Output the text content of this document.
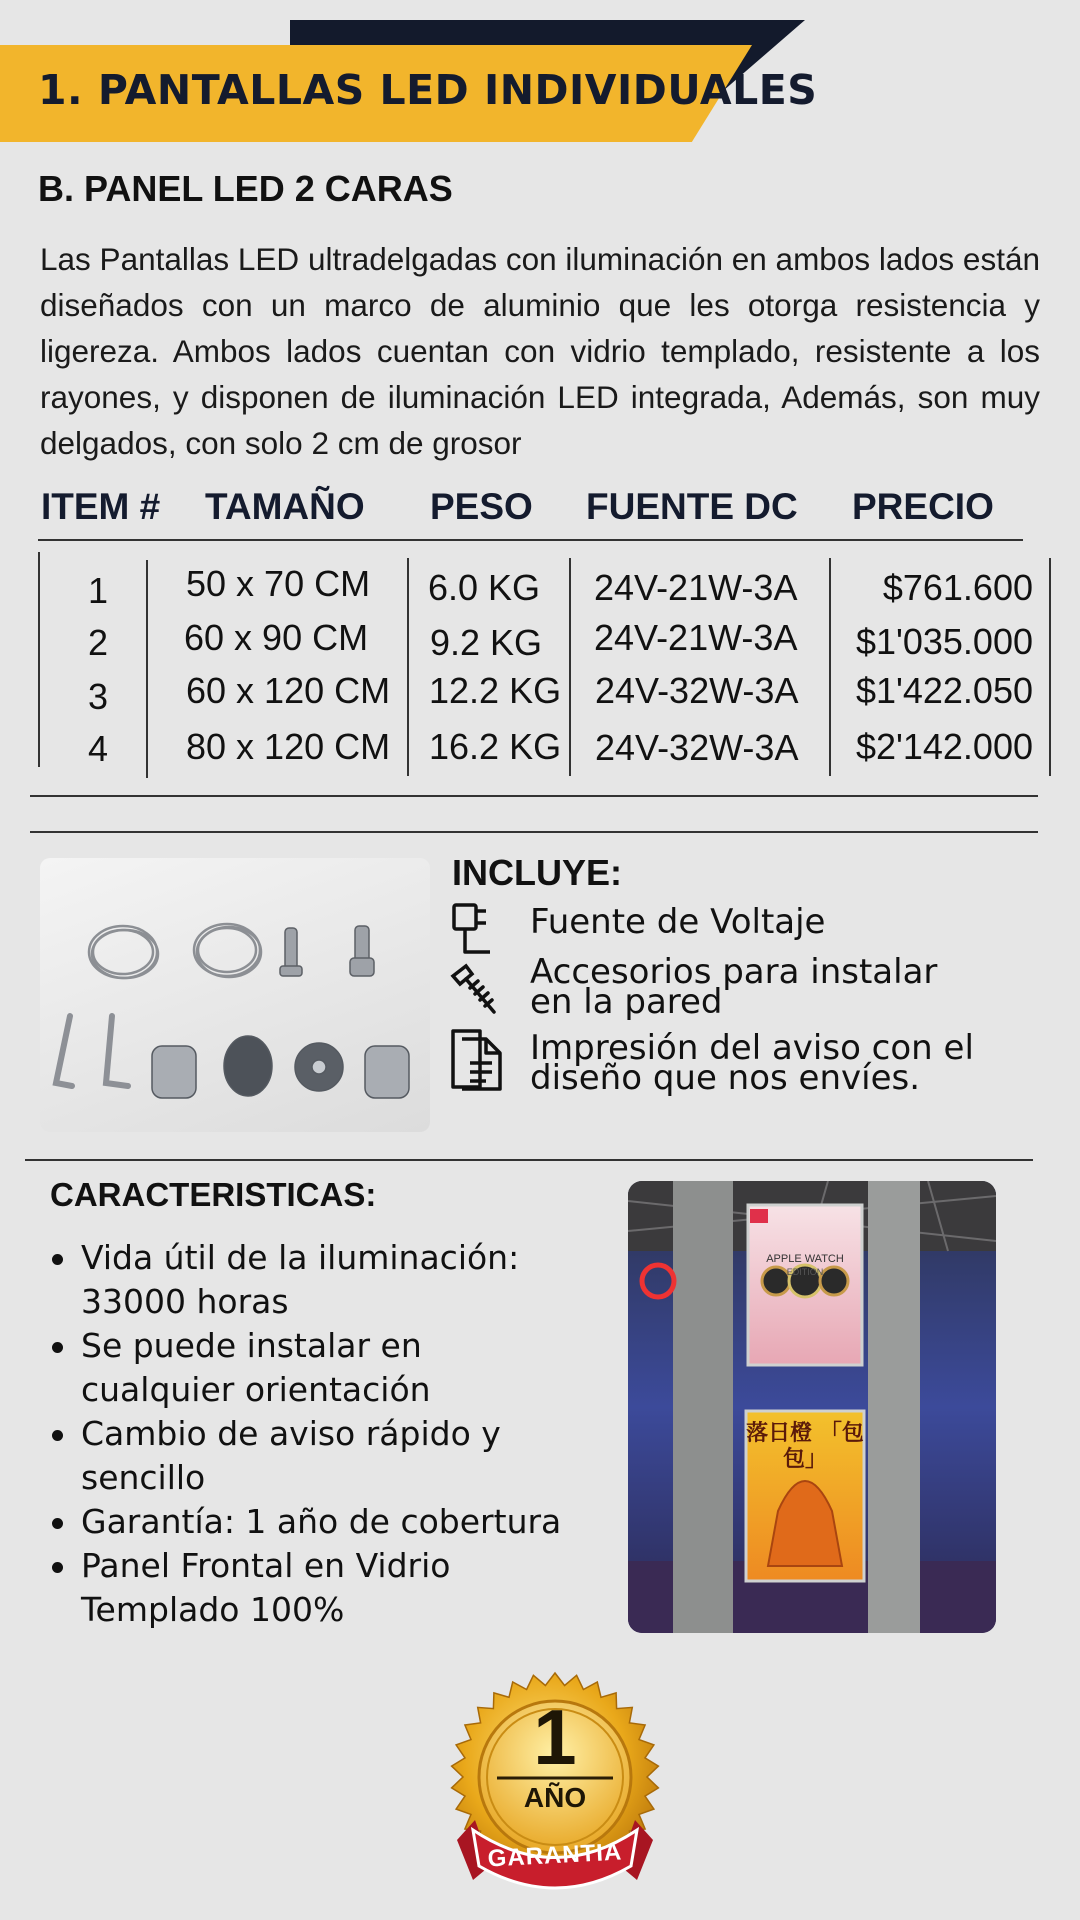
1. PANTALLAS LED INDIVIDUALES
B. PANEL LED 2 CARAS
Las Pantallas LED ultradelgadas con iluminación en ambos lados están diseñados con un marco de aluminio que les otorga resistencia y ligereza. Ambos lados cuentan con vidrio templado, resistente a los rayones, y disponen de iluminación LED integrada, Además, son muy delgados, con solo 2 cm de grosor
ITEM # TAMAÑO PESO FUENTE DC PRECIO
1 50 x 70 CM 6.0 KG 24V-21W-3A $761.600
2 60 x 90 CM 9.2 KG 24V-21W-3A $1'035.000
3 60 x 120 CM 12.2 KG 24V-32W-3A $1'422.050
4 80 x 120 CM 16.2 KG 24V-32W-3A $2'142.000
INCLUYE:
Fuente de Voltaje
Accesorios para instalar
en la pared
Impresión del aviso con el
diseño que nos envíes.
CARACTERISTICAS:
Vida útil de la iluminación:
33000 horas
Se puede instalar en
cualquier orientación
Cambio de aviso rápido y
sencillo
Garantía: 1 año de cobertura
Panel Frontal en Vidrio
Templado 100%
APPLE WATCH
EDITION
落日橙 「包包」
1
AÑO
GARANTIA
